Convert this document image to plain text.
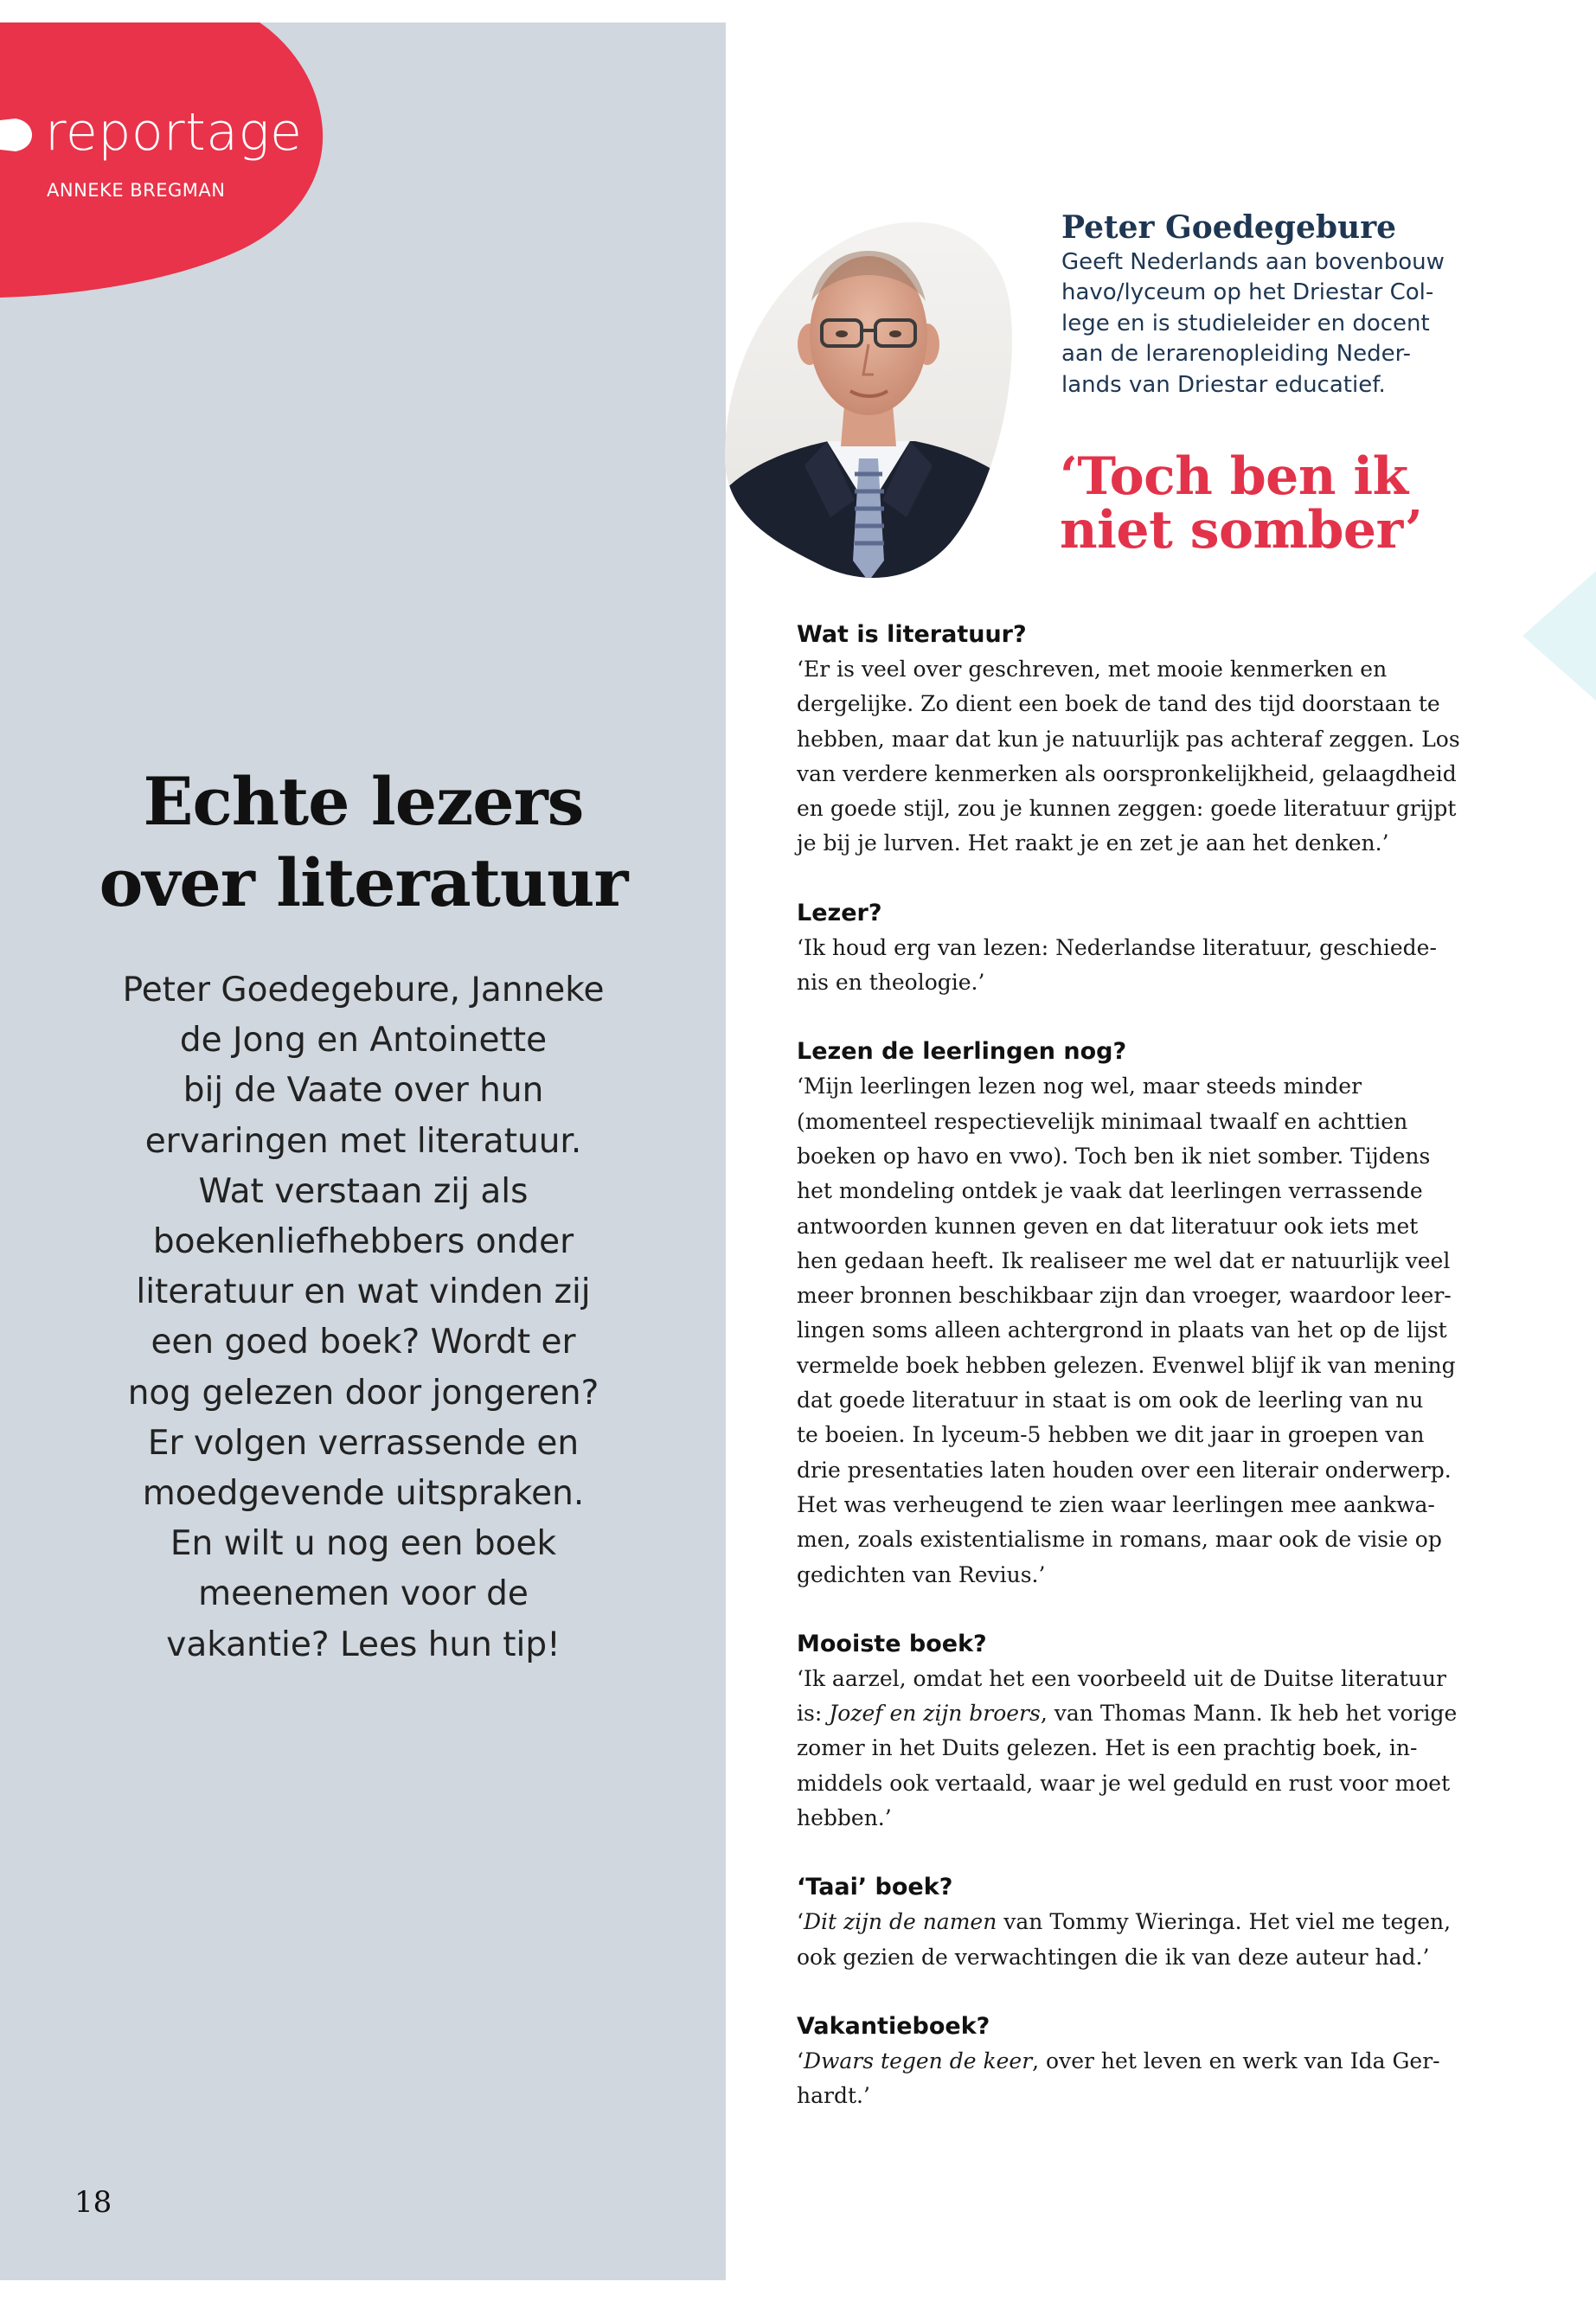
reportage
ANNEKE BREGMAN
Echte lezers
over literatuur

Peter Goedegebure, Janneke

de Jong en Antoinette

bij de Vaate over hun

ervaringen met literatuur.

Wat verstaan zij als

boekenliefhebbers onder

literatuur en wat vinden zij

een goed boek? Wordt er

nog gelezen door jongeren?

Er volgen verrassende en

moedgevende uitspraken.

En wilt u nog een boek

meenemen voor de

vakantie? Lees hun tip!

18
Peter Goedegebure

Geeft Nederlands aan bovenbouw

havo/lyceum op het Driestar Col-

lege en is studieleider en docent

aan de lerarenopleiding Neder-

lands van Driestar educatief.

‘Toch ben ik

niet somber’

Wat is literatuur?

‘Er is veel over geschreven, met mooie kenmerken en

dergelijke. Zo dient een boek de tand des tijd doorstaan te

hebben, maar dat kun je natuurlijk pas achteraf zeggen. Los

van verdere kenmerken als oorspronkelijkheid, gelaagdheid

en goede stijl, zou je kunnen zeggen: goede literatuur grijpt

je bij je lurven. Het raakt je en zet je aan het denken.’

Lezer?

‘Ik houd erg van lezen: Nederlandse literatuur, geschiede-

nis en theologie.’

Lezen de leerlingen nog?

‘Mijn leerlingen lezen nog wel, maar steeds minder

(momenteel respectievelijk minimaal twaalf en achttien

boeken op havo en vwo). Toch ben ik niet somber. Tijdens

het mondeling ontdek je vaak dat leerlingen verrassende

antwoorden kunnen geven en dat literatuur ook iets met

hen gedaan heeft. Ik realiseer me wel dat er natuurlijk veel

meer bronnen beschikbaar zijn dan vroeger, waardoor leer-

lingen soms alleen achtergrond in plaats van het op de lijst

vermelde boek hebben gelezen. Evenwel blijf ik van mening

dat goede literatuur in staat is om ook de leerling van nu

te boeien. In lyceum-5 hebben we dit jaar in groepen van

drie presentaties laten houden over een literair onderwerp.

Het was verheugend te zien waar leerlingen mee aankwa-

men, zoals existentialisme in romans, maar ook de visie op

gedichten van Revius.’

Mooiste boek?

‘Ik aarzel, omdat het een voorbeeld uit de Duitse literatuur

is: Jozef en zijn broers, van Thomas Mann. Ik heb het vorige

zomer in het Duits gelezen. Het is een prachtig boek, in-

middels ook vertaald, waar je wel geduld en rust voor moet

hebben.’

‘Taai’ boek?

‘Dit zijn de namen van Tommy Wieringa. Het viel me tegen,

ook gezien de verwachtingen die ik van deze auteur had.’

Vakantieboek?

‘Dwars tegen de keer, over het leven en werk van Ida Ger-

hardt.’
